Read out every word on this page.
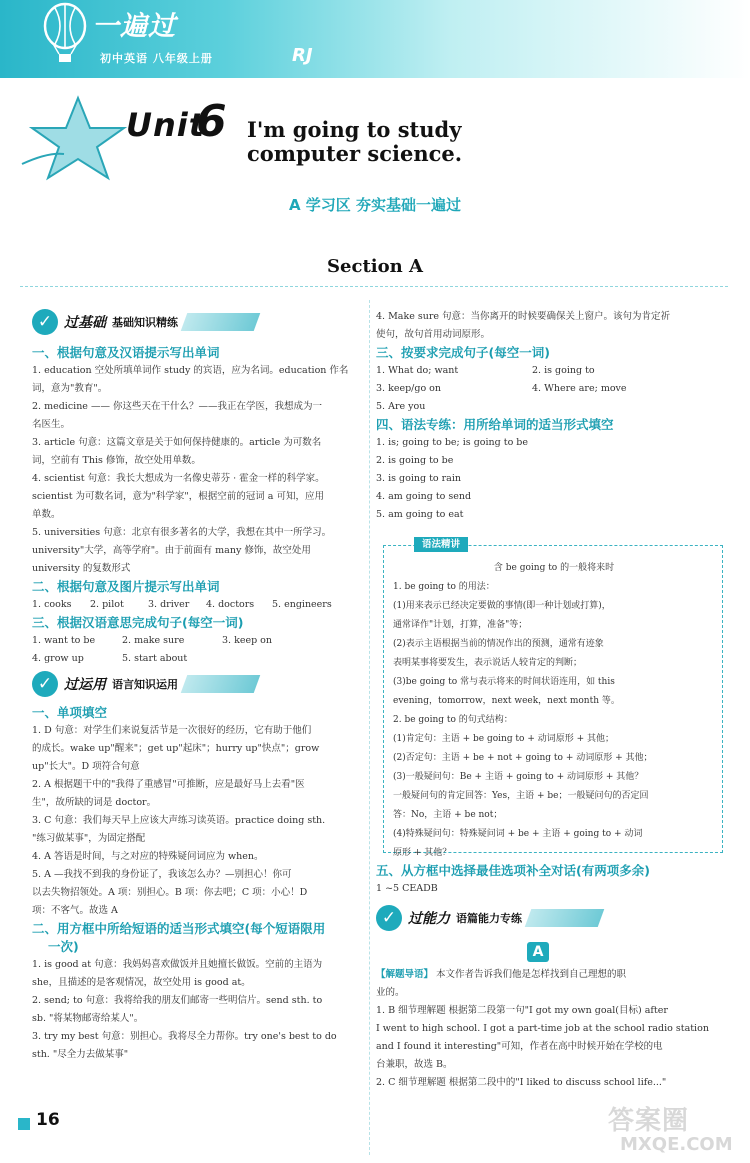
一遍过
初中英语 八年级上册	RJ
Unit
6 I'm going to study computer science.
A 学习区 夯实基础一遍过
Section A
✓ 过基础 基础知识精练
一、根据句意及汉语提示写出单词
1. education 空处所填单词作 study 的宾语，应为名词。education 作名
词，意为"教育"。
2. medicine —— 你这些天在干什么？——我正在学医，我想成为一
名医生。
3. article 句意：这篇文章是关于如何保持健康的。article 为可数名
词，空前有 This 修饰，故空处用单数。
4. scientist 句意：我长大想成为一名像史蒂芬 · 霍金一样的科学家。
scientist 为可数名词，意为"科学家"，根据空前的冠词 a 可知，应用
单数。
5. universities 句意：北京有很多著名的大学，我想在其中一所学习。
university"大学，高等学府"。由于前面有 many 修饰，故空处用
university 的复数形式
二、根据句意及图片提示写出单词
1. cooks	2. pilot	3. driver	4. doctors	5. engineers
三、根据汉语意思完成句子(每空一词)
1. want to be	2. make sure	3. keep on
4. grow up	5. start about
✓ 过运用 语言知识运用
一、单项填空
1. D 句意：对学生们来说复活节是一次很好的经历，它有助于他们
的成长。wake up"醒来"；get up"起床"；hurry up"快点"；grow
up"长大"。D 项符合句意
2. A 根据题干中的"我得了重感冒"可推断，应是最好马上去看"医
生"，故所缺的词是 doctor。
3. C 句意：我们每天早上应该大声练习读英语。practice doing sth.
"练习做某事"，为固定搭配
4. A 答语是时间，与之对应的特殊疑问词应为 when。
5. A —我找不到我的身份证了，我该怎么办？—别担心！你可
以去失物招领处。A 项：别担心。B 项：你去吧；C 项：小心！D
项：不客气。故选 A
二、用方框中所给短语的适当形式填空(每个短语限用
一次)
1. is good at 句意：我妈妈喜欢做饭并且她擅长做饭。空前的主语为
she，且描述的是客观情况，故空处用 is good at。
2. send; to 句意：我将给我的朋友们邮寄一些明信片。send sth. to
sb. "将某物邮寄给某人"。
3. try my best 句意：别担心。我将尽全力帮你。try one's best to do
sth. "尽全力去做某事"
4. Make sure 句意：当你离开的时候要确保关上窗户。该句为肯定祈
使句，故句首用动词原形。
三、按要求完成句子(每空一词)
1. What do; want	2. is going to
3. keep/go on	4. Where are; move
5. Are you
四、语法专练：用所给单词的适当形式填空
1. is; going to be; is going to be
2. is going to be
3. is going to rain
4. am going to send
5. am going to eat
语法精讲
含 be going to 的一般将来时
1. be going to 的用法：
(1)用来表示已经决定要做的事情(即一种计划或打算)，
通常译作"计划，打算，准备"等；
(2)表示主语根据当前的情况作出的预测，通常有迹象
表明某事将要发生，表示说话人较肯定的判断；
(3)be going to 常与表示将来的时间状语连用，如 this
evening，tomorrow，next week，next month 等。
2. be going to 的句式结构：
(1)肯定句：主语 + be going to + 动词原形 + 其他；
(2)否定句：主语 + be + not + going to + 动词原形 + 其他；
(3)一般疑问句：Be + 主语 + going to + 动词原形 + 其他？
一般疑问句的肯定回答：Yes，主语 + be；一般疑问句的否定回
答：No，主语 + be not；
(4)特殊疑问句：特殊疑问词 + be + 主语 + going to + 动词
原形 + 其他？
五、从方框中选择最佳选项补全对话(有两项多余)
1 ~5 CEADB
✓ 过能力 语篇能力专练
A
【解题导语】 本文作者告诉我们他是怎样找到自己理想的职
业的。
1. B 细节理解题 根据第二段第一句"I got my own goal(目标) after
I went to high school. I got a part-time job at the school radio station
and I found it interesting"可知，作者在高中时候开始在学校的电
台兼职，故选 B。
2. C 细节理解题 根据第二段中的"I liked to discuss school life..."
16	答案圈
MXQE.COM
